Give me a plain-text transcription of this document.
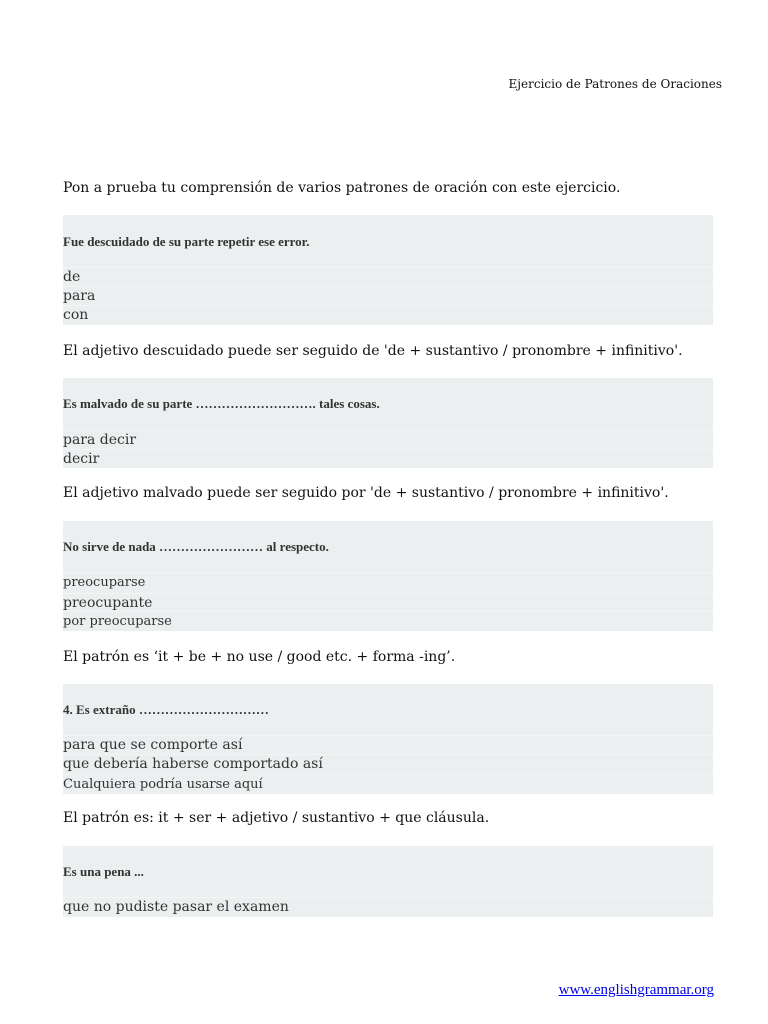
Ejercicio de Patrones de Oraciones
Pon a prueba tu comprensión de varios patrones de oración con este ejercicio.
Fue descuidado de su parte repetir ese error.
de
para
con
El adjetivo descuidado puede ser seguido de 'de + sustantivo / pronombre + infinitivo'.
Es malvado de su parte ………………………. tales cosas.
para decir
decir
El adjetivo malvado puede ser seguido por 'de + sustantivo / pronombre + infinitivo'.
No sirve de nada …………………… al respecto.
preocuparse
preocupante
por preocuparse
El patrón es ‘it + be + no use / good etc. + forma -ing’.
4. Es extraño …………………………
para que se comporte así
que debería haberse comportado así
Cualquiera podría usarse aquí
El patrón es: it + ser + adjetivo / sustantivo + que cláusula.
Es una pena ...
que no pudiste pasar el examen
www.englishgrammar.org
